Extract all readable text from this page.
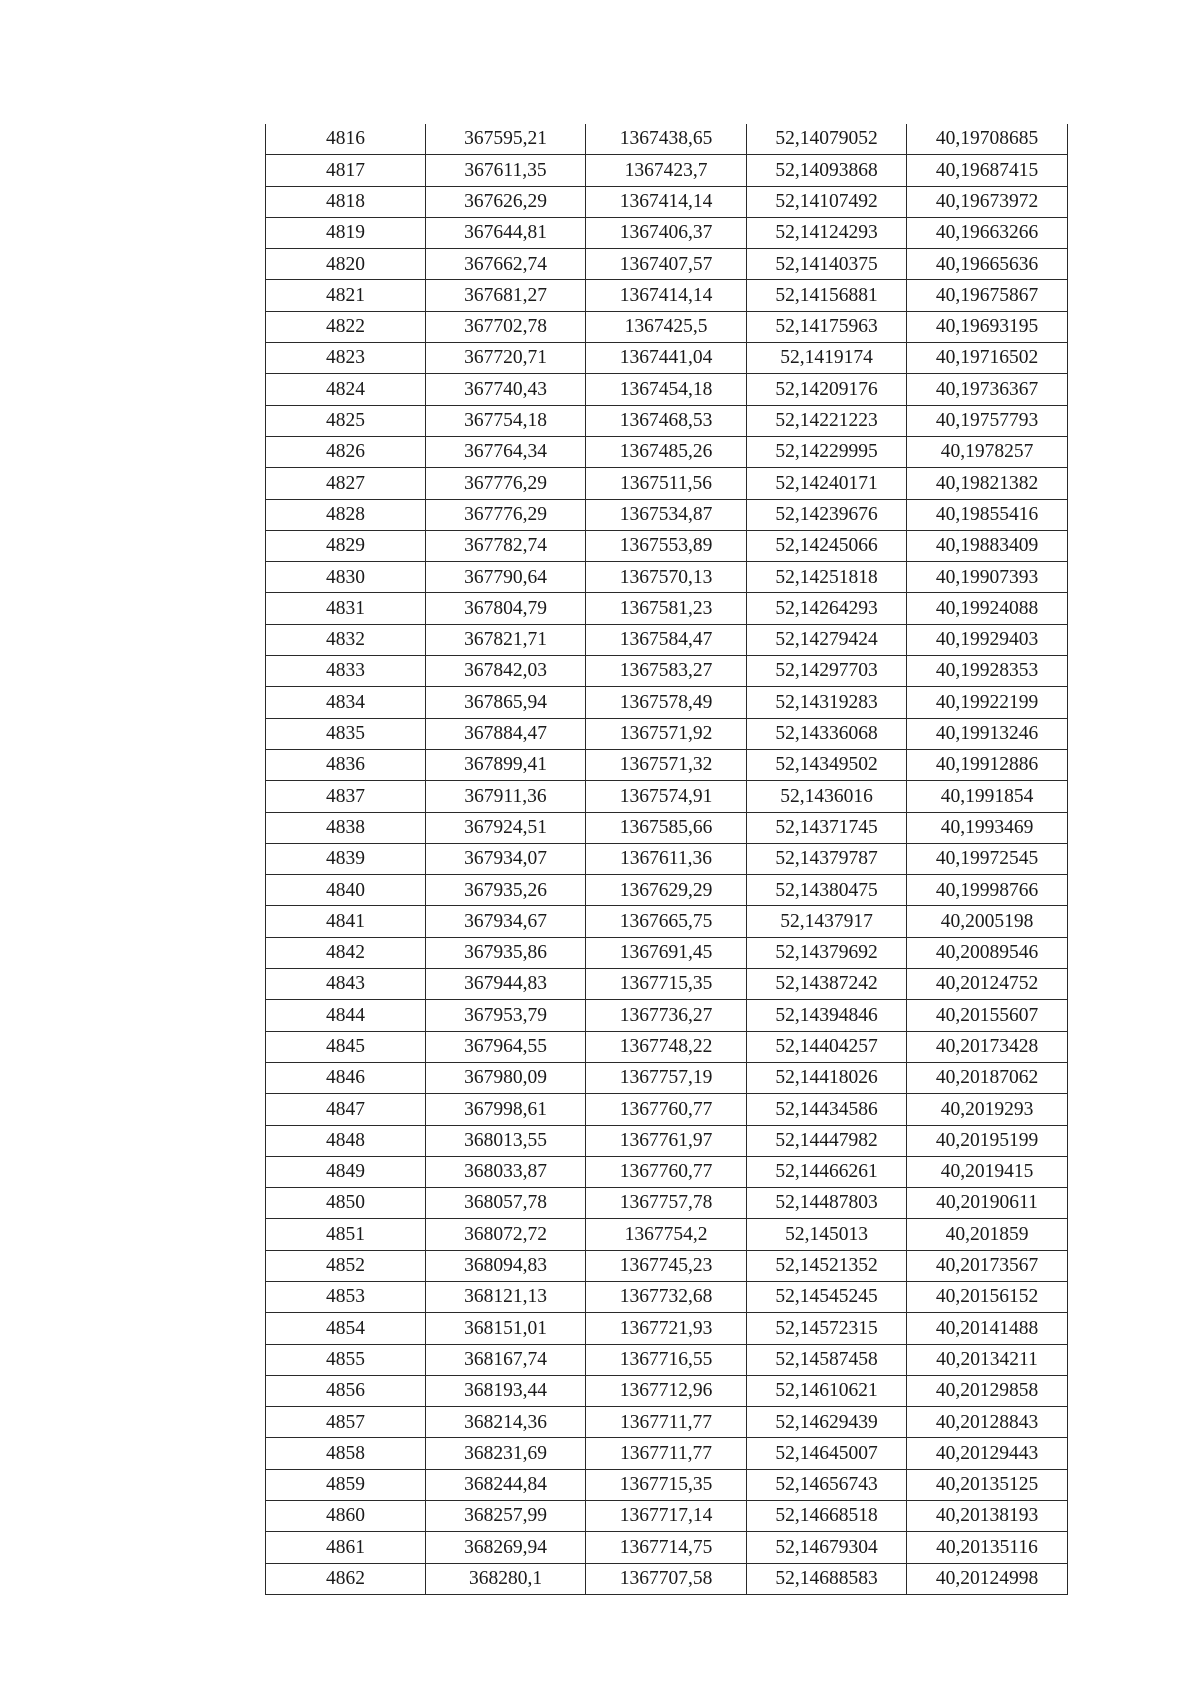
4816	367595,21	1367438,65	52,14079052	40,19708685
4817	367611,35	1367423,7	52,14093868	40,19687415
4818	367626,29	1367414,14	52,14107492	40,19673972
4819	367644,81	1367406,37	52,14124293	40,19663266
4820	367662,74	1367407,57	52,14140375	40,19665636
4821	367681,27	1367414,14	52,14156881	40,19675867
4822	367702,78	1367425,5	52,14175963	40,19693195
4823	367720,71	1367441,04	52,1419174	40,19716502
4824	367740,43	1367454,18	52,14209176	40,19736367
4825	367754,18	1367468,53	52,14221223	40,19757793
4826	367764,34	1367485,26	52,14229995	40,1978257
4827	367776,29	1367511,56	52,14240171	40,19821382
4828	367776,29	1367534,87	52,14239676	40,19855416
4829	367782,74	1367553,89	52,14245066	40,19883409
4830	367790,64	1367570,13	52,14251818	40,19907393
4831	367804,79	1367581,23	52,14264293	40,19924088
4832	367821,71	1367584,47	52,14279424	40,19929403
4833	367842,03	1367583,27	52,14297703	40,19928353
4834	367865,94	1367578,49	52,14319283	40,19922199
4835	367884,47	1367571,92	52,14336068	40,19913246
4836	367899,41	1367571,32	52,14349502	40,19912886
4837	367911,36	1367574,91	52,1436016	40,1991854
4838	367924,51	1367585,66	52,14371745	40,1993469
4839	367934,07	1367611,36	52,14379787	40,19972545
4840	367935,26	1367629,29	52,14380475	40,19998766
4841	367934,67	1367665,75	52,1437917	40,2005198
4842	367935,86	1367691,45	52,14379692	40,20089546
4843	367944,83	1367715,35	52,14387242	40,20124752
4844	367953,79	1367736,27	52,14394846	40,20155607
4845	367964,55	1367748,22	52,14404257	40,20173428
4846	367980,09	1367757,19	52,14418026	40,20187062
4847	367998,61	1367760,77	52,14434586	40,2019293
4848	368013,55	1367761,97	52,14447982	40,20195199
4849	368033,87	1367760,77	52,14466261	40,2019415
4850	368057,78	1367757,78	52,14487803	40,20190611
4851	368072,72	1367754,2	52,145013	40,201859
4852	368094,83	1367745,23	52,14521352	40,20173567
4853	368121,13	1367732,68	52,14545245	40,20156152
4854	368151,01	1367721,93	52,14572315	40,20141488
4855	368167,74	1367716,55	52,14587458	40,20134211
4856	368193,44	1367712,96	52,14610621	40,20129858
4857	368214,36	1367711,77	52,14629439	40,20128843
4858	368231,69	1367711,77	52,14645007	40,20129443
4859	368244,84	1367715,35	52,14656743	40,20135125
4860	368257,99	1367717,14	52,14668518	40,20138193
4861	368269,94	1367714,75	52,14679304	40,20135116
4862	368280,1	1367707,58	52,14688583	40,20124998
